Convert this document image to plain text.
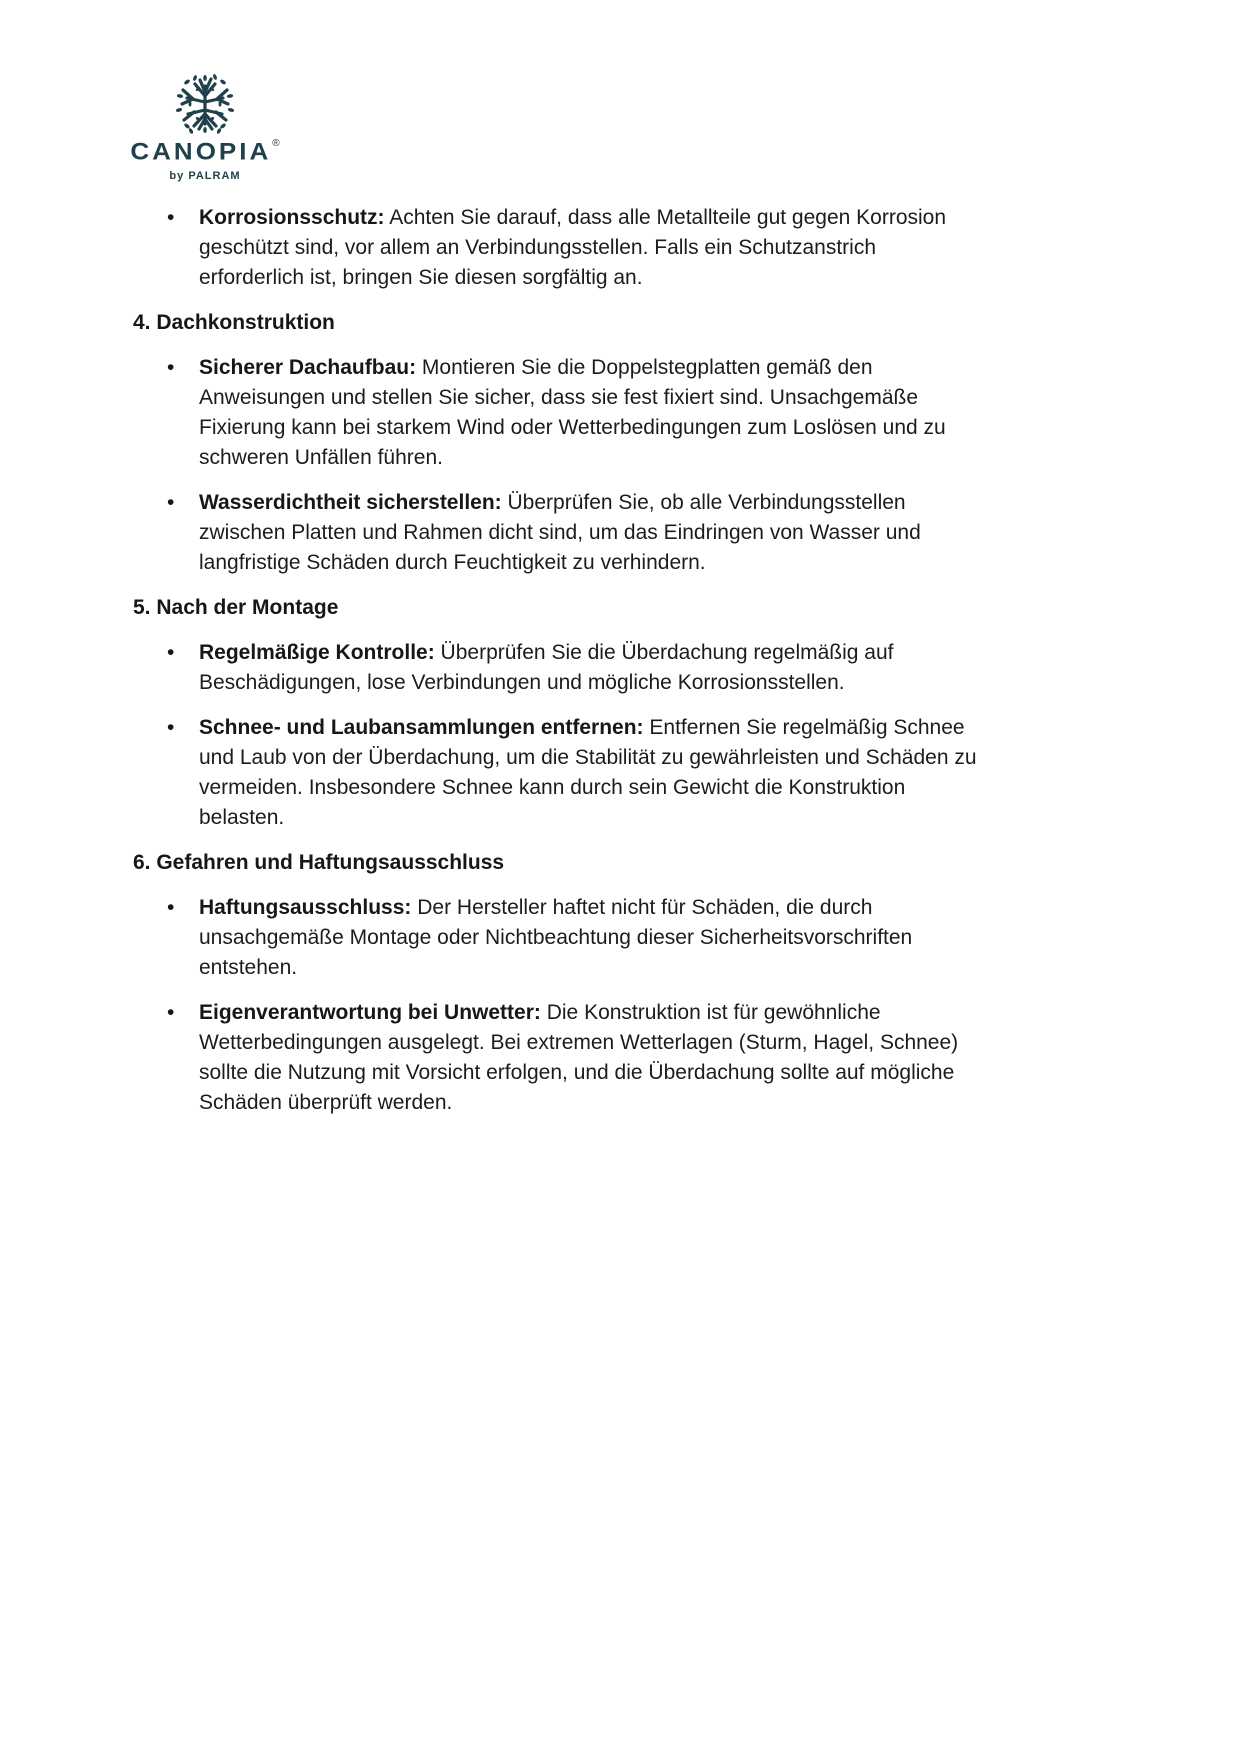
CANOPIA ®
by PALRAM
•	Korrosionsschutz: Achten Sie darauf, dass alle Metallteile gut gegen Korrosion geschützt sind, vor allem an Verbindungsstellen. Falls ein Schutzanstrich erforderlich ist, bringen Sie diesen sorgfältig an.
4. Dachkonstruktion
•	Sicherer Dachaufbau: Montieren Sie die Doppelstegplatten gemäß den Anweisungen und stellen Sie sicher, dass sie fest fixiert sind. Unsachgemäße Fixierung kann bei starkem Wind oder Wetterbedingungen zum Loslösen und zu schweren Unfällen führen.
•	Wasserdichtheit sicherstellen: Überprüfen Sie, ob alle Verbindungsstellen zwischen Platten und Rahmen dicht sind, um das Eindringen von Wasser und langfristige Schäden durch Feuchtigkeit zu verhindern.
5. Nach der Montage
•	Regelmäßige Kontrolle: Überprüfen Sie die Überdachung regelmäßig auf Beschädigungen, lose Verbindungen und mögliche Korrosionsstellen.
•	Schnee- und Laubansammlungen entfernen: Entfernen Sie regelmäßig Schnee und Laub von der Überdachung, um die Stabilität zu gewährleisten und Schäden zu vermeiden. Insbesondere Schnee kann durch sein Gewicht die Konstruktion belasten.
6. Gefahren und Haftungsausschluss
•	Haftungsausschluss: Der Hersteller haftet nicht für Schäden, die durch unsachgemäße Montage oder Nichtbeachtung dieser Sicherheitsvorschriften entstehen.
•	Eigenverantwortung bei Unwetter: Die Konstruktion ist für gewöhnliche Wetterbedingungen ausgelegt. Bei extremen Wetterlagen (Sturm, Hagel, Schnee) sollte die Nutzung mit Vorsicht erfolgen, und die Überdachung sollte auf mögliche Schäden überprüft werden.
